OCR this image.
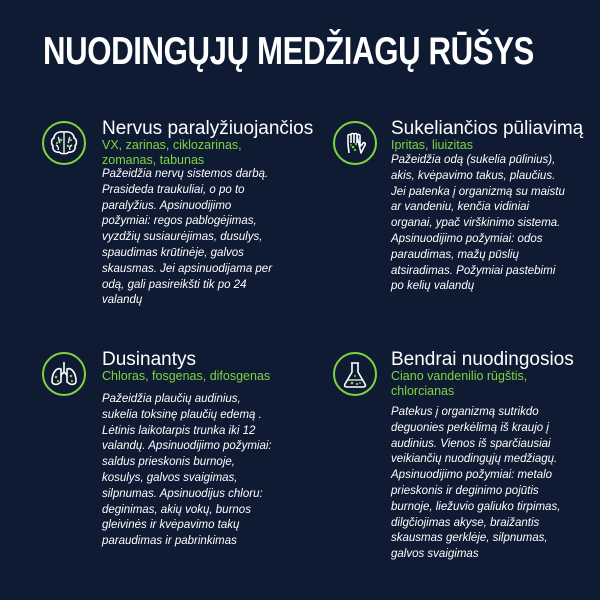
NUODINGŲJŲ MEDŽIAGŲ RŪŠYS
Nervus paralyžiuojančios
VX, zarinas, ciklozarinas, zomanas, tabunas
Pažeidžia nervų sistemos darbą. Prasideda traukuliai, o po to paralyžius. Apsinuodijimo požymiai: regos pablogėjimas, vyzdžių susiaurėjimas, dusulys, spaudimas krūtinėje, galvos skausmas. Jei apsinuodijama per odą, gali pasireikšti tik po 24 valandų
Sukeliančios pūliavimą
Ipritas, liuizitas
Pažeidžia odą (sukelia pūlinius), akis, kvėpavimo takus, plaučius. Jei patenka į organizmą su maistu ar vandeniu, kenčia vidiniai organai, ypač virškinimo sistema. Apsinuodijimo požymiai: odos paraudimas, mažų pūslių atsiradimas. Požymiai pastebimi po kelių valandų
Dusinantys
Chloras, fosgenas, difosgenas
Pažeidžia plaučių audinius, sukelia toksinę plaučių edemą . Lėtinis laikotarpis trunka iki 12 valandų. Apsinuodijimo požymiai: saldus prieskonis burnoje, kosulys, galvos svaigimas, silpnumas. Apsinuodijus chloru: deginimas, akių vokų, burnos gleivinės ir kvėpavimo takų paraudimas ir pabrinkimas
Bendrai nuodingosios
Ciano vandenilio rūgštis, chlorcianas
Patekus į organizmą sutrikdo deguonies perkėlimą iš kraujo į audinius. Vienos iš sparčiausiai veikiančių nuodingųjų medžiagų. Apsinuodijimo požymiai: metalo prieskonis ir deginimo pojūtis burnoje, liežuvio galiuko tirpimas, dilgčiojimas akyse, braižantis skausmas gerklėje, silpnumas, galvos svaigimas
